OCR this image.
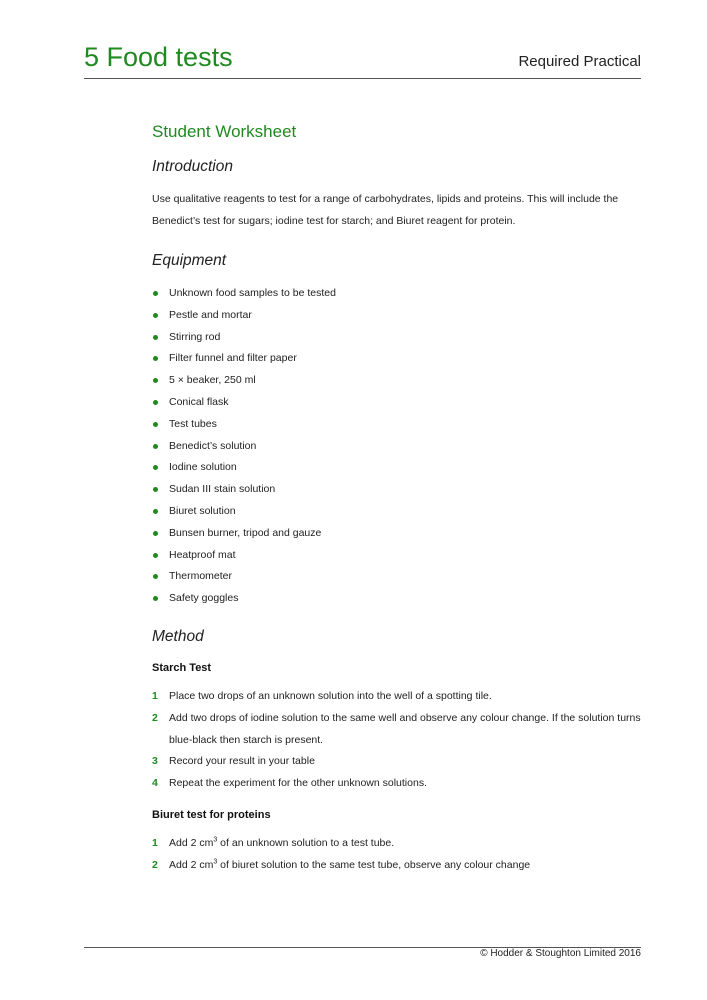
5 Food tests	Required Practical
Student Worksheet
Introduction
Use qualitative reagents to test for a range of carbohydrates, lipids and proteins. This will include the Benedict’s test for sugars; iodine test for starch; and Biuret reagent for protein.
Equipment
Unknown food samples to be tested
Pestle and mortar
Stirring rod
Filter funnel and filter paper
5 × beaker, 250 ml
Conical flask
Test tubes
Benedict’s solution
Iodine solution
Sudan III stain solution
Biuret solution
Bunsen burner, tripod and gauze
Heatproof mat
Thermometer
Safety goggles
Method
Starch Test
1 Place two drops of an unknown solution into the well of a spotting tile.
2 Add two drops of iodine solution to the same well and observe any colour change. If the solution turns blue-black then starch is present.
3 Record your result in your table
4 Repeat the experiment for the other unknown solutions.
Biuret test for proteins
1 Add 2 $cm^3$ of an unknown solution to a test tube.
2 Add 2 $cm^3$ of biuret solution to the same test tube, observe any colour change
© Hodder & Stoughton Limited 2016
